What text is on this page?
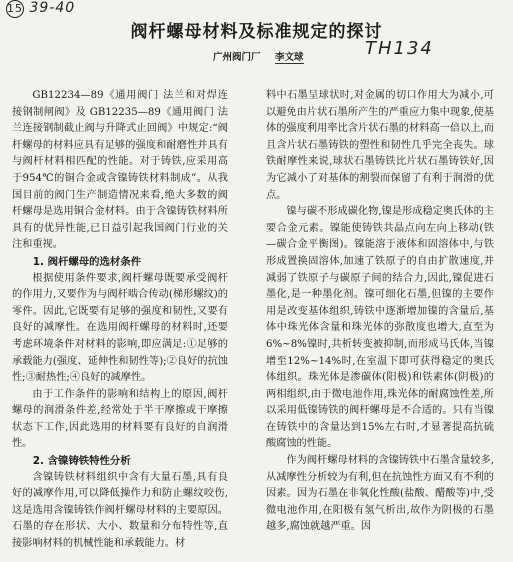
15 39-40
阀杆螺母材料及标准规定的探讨
广州阀门厂 李文球	TH134

GB12234—89《通用阀门 法兰和对焊连接钢制闸阀》及 GB12235—89《通用阀门 法兰连接钢制截止阀与升降式止回阀》中规定:“阀杆螺母的材料应具有足够的强度和耐磨性并具有与阀杆材料相匹配的性能。对于铸铁,应采用高于954℃的铜合金或含镍铸铁材料制成”。从我国目前的阀门生产制造情况来看,绝大多数的阀杆螺母是选用铜合金材料。由于含镍铸铁材料所具有的优异性能,已日益引起我国阀门行业的关注和重视。

1. 阀杆螺母的选材条件

根据使用条件要求,阀杆螺母既要承受阀杆的作用力,又要作为与阀杆啮合传动(梯形螺纹)的零件。因此,它既要有足够的强度和韧性,又要有良好的减摩性。在选用阀杆螺母的材料时,还要考虑环境条件对材料的影响,即应满足:①足够的承载能力(强度、延伸性和韧性等);②良好的抗蚀性;③耐热性;④良好的减摩性。

由于工作条件的影响和结构上的原因,阀杆螺母的润滑条件差,经常处于半干摩擦或干摩擦状态下工作,因此选用的材料要有良好的自润滑性。

2. 含镍铸铁特性分析

含镍铸铁材料组织中含有大量石墨,具有良好的减摩作用,可以降低操作力和防止螺纹咬伤,这是选用含镍铸铁作阀杆螺母材料的主要原因。石墨的存在形状、大小、数量和分布特性等,直接影响材料的机械性能和承载能力。材

料中石墨呈球状时,对金属的切口作用大为减小,可以避免由片状石墨所产生的严重应力集中现象,使基体的强度利用率比含片状石墨的材料高一倍以上,而且含片状石墨铸铁的塑性和韧性几乎完全丧失。球铁耐摩性来说,球状石墨铸铁比片状石墨铸铁好,因为它减小了对基体的割裂而保留了有利于润滑的优点。

镍与碳不形成碳化物,镍是形成稳定奥氏体的主要合金元素。镍能使铸铁共晶点向左向上移动(铁—碳合金平衡图)。镍能溶于液体和固溶体中,与铁形成置换固溶体,加速了铁原子的自由扩散速度,并减弱了铁原子与碳原子间的结合力,因此,镍促进石墨化,是一种墨化剂。镍可细化石墨,但镍的主要作用是改变基体组织,铸铁中逐渐增加镍的含量后,基体中珠光体含量和珠光体的弥散度也增大,直至为6%~8%镍时,共析转变被抑制,而形成马氏体,当镍增至12%~14%时,在室温下即可获得稳定的奥氏体组织。珠光体是渗碳体(阳极)和铁素体(阴极)的两相组织,由于微电池作用,珠光体的耐腐蚀性差,所以采用低镍铸铁的阀杆螺母是不合适的。只有当镍在铸铁中的含量达到15%左右时,才显著提高抗硫酸腐蚀的性能。

作为阀杆螺母材料的含镍铸铁中石墨含量较多,从减摩性分析较为有利,但在抗蚀性方面又有不利的因素。因为石墨在非氧化性酸(盐酸、醋酸等)中,受微电池作用,在阳极有氢气析出,故作为阴极的石墨越多,腐蚀就越严重。因
